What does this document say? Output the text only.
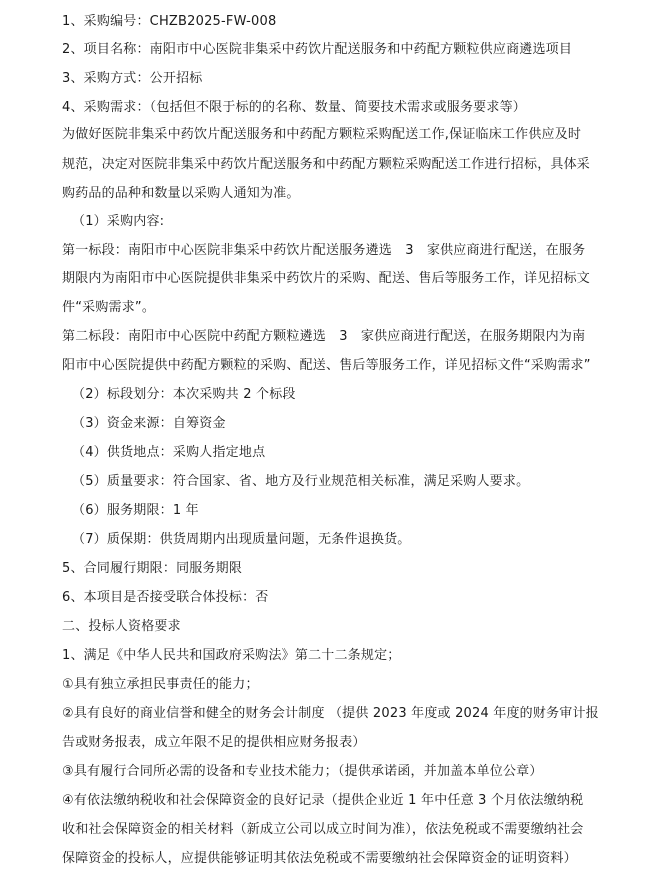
1、采购编号：CHZB2025-FW-008
2、项目名称：南阳市中心医院非集采中药饮片配送服务和中药配方颗粒供应商遴选项目
3、采购方式：公开招标
4、采购需求：（包括但不限于标的的名称、数量、简要技术需求或服务要求等）
为做好医院非集采中药饮片配送服务和中药配方颗粒采购配送工作,保证临床工作供应及时
规范，决定对医院非集采中药饮片配送服务和中药配方颗粒采购配送工作进行招标，具体采
购药品的品种和数量以采购人通知为准。
（1）采购内容:
第一标段：南阳市中心医院非集采中药饮片配送服务遴选　3　家供应商进行配送，在服务
期限内为南阳市中心医院提供非集采中药饮片的采购、配送、售后等服务工作，详见招标文
件“采购需求”。
第二标段：南阳市中心医院中药配方颗粒遴选　3　家供应商进行配送，在服务期限内为南
阳市中心医院提供中药配方颗粒的采购、配送、售后等服务工作，详见招标文件“采购需求”
（2）标段划分：本次采购共 2 个标段
（3）资金来源：自筹资金
（4）供货地点：采购人指定地点
（5）质量要求：符合国家、省、地方及行业规范相关标准，满足采购人要求。
（6）服务期限：1 年
（7）质保期：供货周期内出现质量问题，无条件退换货。
5、合同履行期限：同服务期限
6、本项目是否接受联合体投标：否
二、投标人资格要求
1、满足《中华人民共和国政府采购法》第二十二条规定；
①具有独立承担民事责任的能力；
②具有良好的商业信誉和健全的财务会计制度 （提供 2023 年度或 2024 年度的财务审计报
告或财务报表，成立年限不足的提供相应财务报表）
③具有履行合同所必需的设备和专业技术能力；（提供承诺函，并加盖本单位公章）
④有依法缴纳税收和社会保障资金的良好记录（提供企业近 1 年中任意 3 个月依法缴纳税
收和社会保障资金的相关材料（新成立公司以成立时间为准），依法免税或不需要缴纳社会
保障资金的投标人，应提供能够证明其依法免税或不需要缴纳社会保障资金的证明资料）
